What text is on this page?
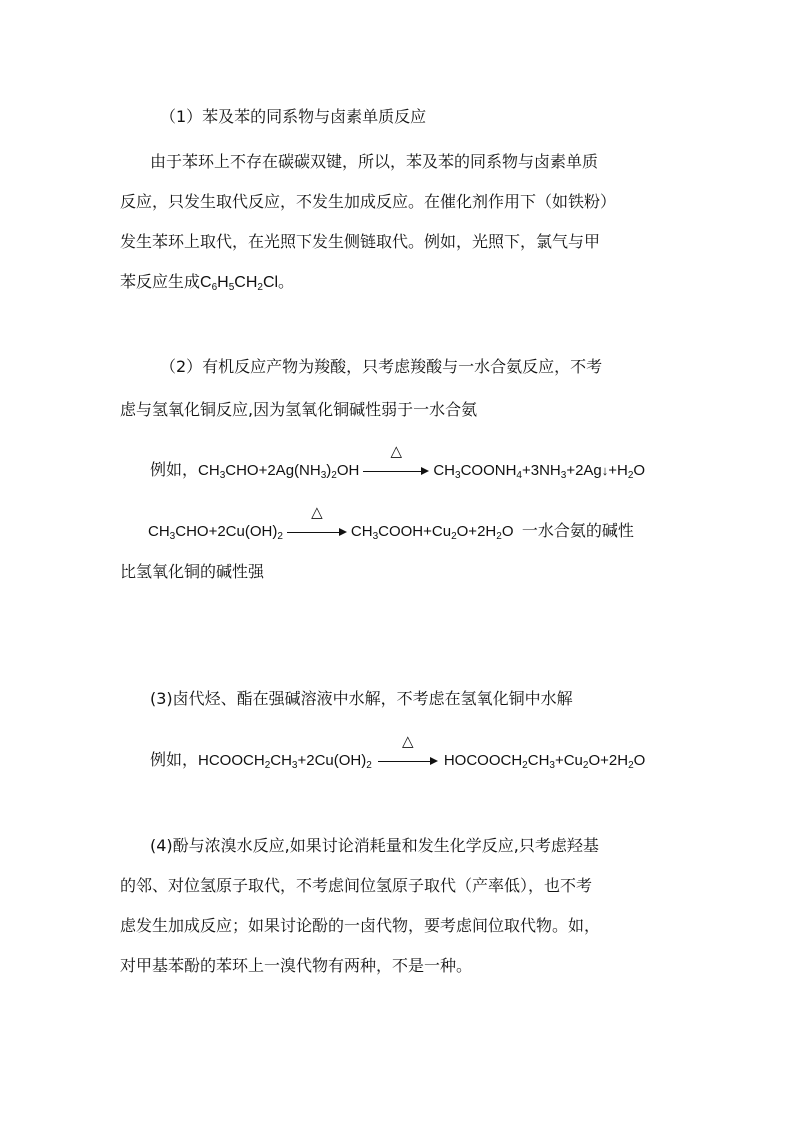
（1）苯及苯的同系物与卤素单质反应
由于苯环上不存在碳碳双键，所以，苯及苯的同系物与卤素单质
反应，只发生取代反应，不发生加成反应。在催化剂作用下（如铁粉）
发生苯环上取代，在光照下发生侧链取代。例如，光照下，氯气与甲
苯反应生成$C_6H_5CH_2Cl$。
（2）有机反应产物为羧酸，只考虑羧酸与一水合氨反应，不考
虑与氢氧化铜反应,因为氢氧化铜碱性弱于一水合氨
例如，$CH_3CHO+2Ag(NH_3)_2OH$
△
$CH_3COONH_4+3NH_3+2Ag↓+H_2O$
$CH_3CHO+2Cu(OH)_2$
△
$CH_3COOH+Cu_2O+2H_2O$  一水合氨的碱性
比氢氧化铜的碱性强
(3)卤代烃、酯在强碱溶液中水解，不考虑在氢氧化铜中水解
例如，$HCOOCH_2CH_3+2Cu(OH)_2$
△
$HOCOOCH_2CH_3+Cu_2O+2H_2O$
(4)酚与浓溴水反应,如果讨论消耗量和发生化学反应,只考虑羟基
的邻、对位氢原子取代，不考虑间位氢原子取代（产率低），也不考
虑发生加成反应；如果讨论酚的一卤代物，要考虑间位取代物。如，
对甲基苯酚的苯环上一溴代物有两种，不是一种。
